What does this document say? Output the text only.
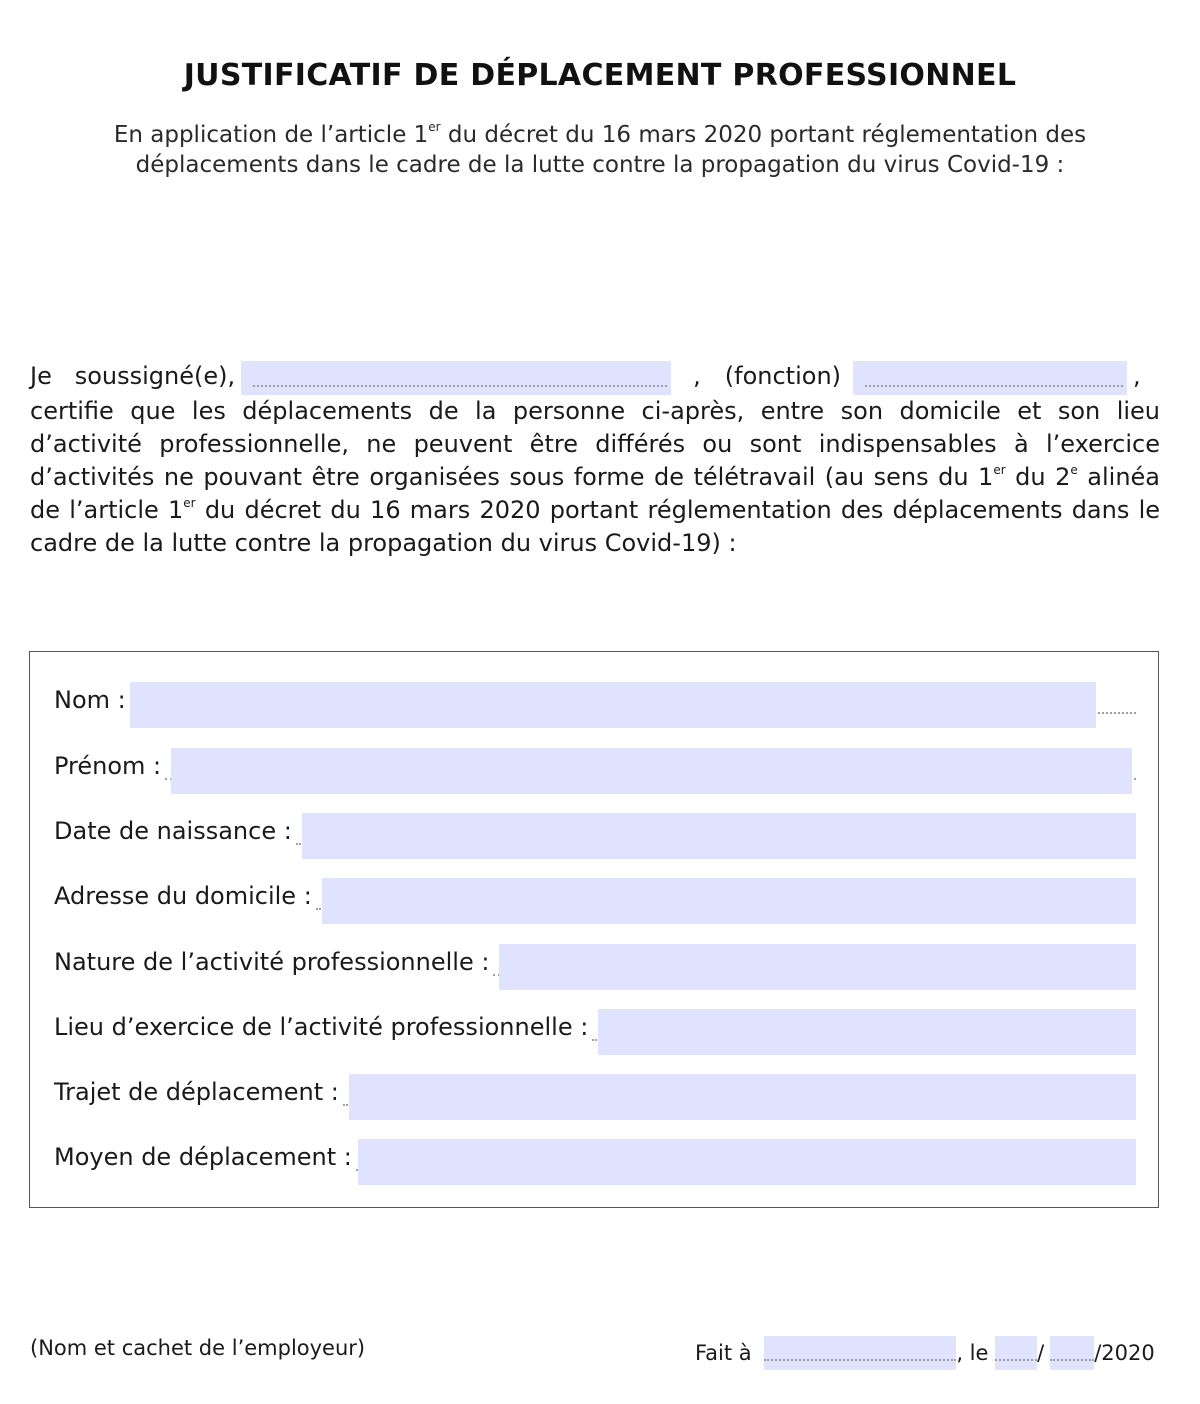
JUSTIFICATIF DE DÉPLACEMENT PROFESSIONNEL
En application de l’article 1er du décret du 16 mars 2020 portant réglementation des
déplacements dans le cadre de la lutte contre la propagation du virus Covid-19 :
Je   soussigné(e),	, (fonction)	,
certifie que les déplacements de la personne ci-après, entre son domicile et son lieu d’activité professionnelle, ne peuvent être différés ou sont indispensables à l’exercice d’activités ne pouvant être organisées sous forme de télétravail (au sens du 1er du 2e alinéa de l’article 1er du décret du 16 mars 2020 portant réglementation des déplacements dans le cadre de la lutte contre la propagation du virus Covid-19) :
Nom :
Prénom :
Date de naissance :
Adresse du domicile :
Nature de l’activité professionnelle :
Lieu d’exercice de l’activité professionnelle :
Trajet de déplacement :
Moyen de déplacement :
(Nom et cachet de l’employeur)	Fait à	, le / /2020
